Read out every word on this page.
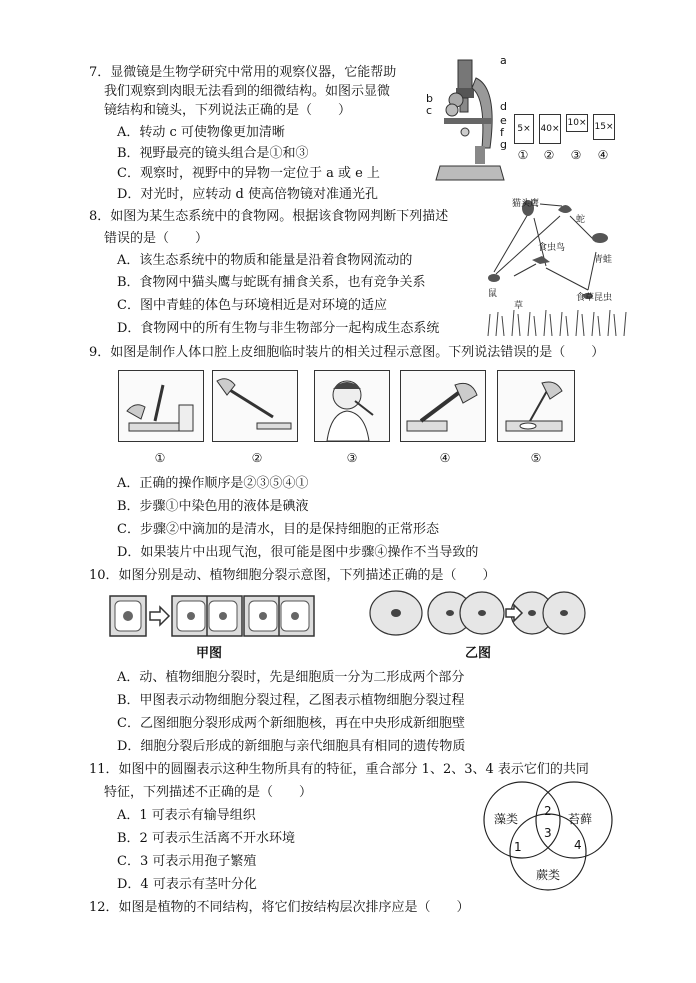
7．显微镜是生物学研究中常用的观察仪器，它能帮助
我们观察到肉眼无法看到的细微结构。如图示显微
镜结构和镜头，下列说法正确的是（　　）
A．转动 c 可使物像更加清晰
B．视野最亮的镜头组合是①和③
C．观察时，视野中的异物一定位于 a 或 e 上
D．对光时，应转动 d 使高倍物镜对准通光孔
a
b
c	d
e
f
g
5×	40×
10× 15×
①	②	③	④
8．如图为某生态系统中的食物网。根据该食物网判断下列描述
错误的是（　　）
A．该生态系统中的物质和能量是沿着食物网流动的
B．食物网中猫头鹰与蛇既有捕食关系，也有竞争关系
C．图中青蛙的体色与环境相近是对环境的适应
D．食物网中的所有生物与非生物部分一起构成生态系统
猫头鹰
蛇
食虫鸟
青蛙
鼠	食草昆虫
草
9．如图是制作人体口腔上皮细胞临时装片的相关过程示意图。下列说法错误的是（　　）
①	②	③	④	⑤
A．正确的操作顺序是②③⑤④①
B．步骤①中染色用的液体是碘液
C．步骤②中滴加的是清水，目的是保持细胞的正常形态
D．如果装片中出现气泡，很可能是图中步骤④操作不当导致的
10．如图分别是动、植物细胞分裂示意图，下列描述正确的是（　　）
甲图	乙图
A．动、植物细胞分裂时，先是细胞质一分为二形成两个部分
B．甲图表示动物细胞分裂过程，乙图表示植物细胞分裂过程
C．乙图细胞分裂形成两个新细胞核，再在中央形成新细胞壁
D．细胞分裂后形成的新细胞与亲代细胞具有相同的遗传物质
11．如图中的圆圈表示这种生物所具有的特征，重合部分 1、2、3、4 表示它们的共同
特征，下列描述不正确的是（　　）
A．1 可表示有输导组织
B．2 可表示生活离不开水环境
C．3 可表示用孢子繁殖
D．4 可表示有茎叶分化
藻类	苔藓
蕨类
1
2
3
4
12．如图是植物的不同结构，将它们按结构层次排序应是（　　）
